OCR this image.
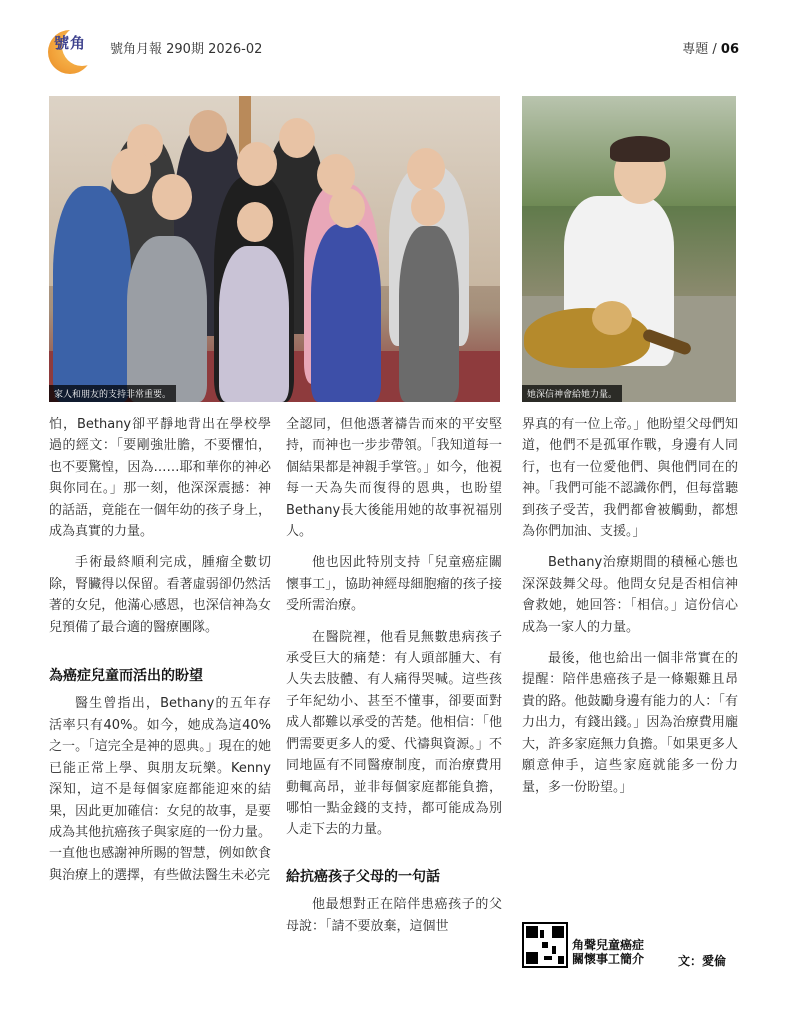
號角 號角月報 290期 2026-02	專題 / 06
家人和朋友的支持非常重要。	她深信神會給她力量。

怕，Bethany卻平靜地背出在學校學過的經文：「要剛強壯膽，不要懼怕，也不要驚惶，因為……耶和華你的神必與你同在。」那一刻，他深深震撼：神的話語，竟能在一個年幼的孩子身上，成為真實的力量。

手術最終順利完成，腫瘤全數切除，腎臟得以保留。看著虛弱卻仍然活著的女兒，他滿心感恩，也深信神為女兒預備了最合適的醫療團隊。

為癌症兒童而活出的盼望

醫生曾指出，Bethany的五年存活率只有40%。如今，她成為這40%之一。「這完全是神的恩典。」現在的她已能正常上學、與朋友玩樂。Kenny深知，這不是每個家庭都能迎來的結果，因此更加確信：女兒的故事，是要成為其他抗癌孩子與家庭的一份力量。一直他也感謝神所賜的智慧，例如飲食與治療上的選擇，有些做法醫生未必完

全認同，但他憑著禱告而來的平安堅持，而神也一步步帶領。「我知道每一個結果都是神親手掌管。」如今，他視每一天為失而復得的恩典，也盼望Bethany長大後能用她的故事祝福別人。

他也因此特別支持「兒童癌症關懷事工」，協助神經母細胞瘤的孩子接受所需治療。

在醫院裡，他看見無數患病孩子承受巨大的痛楚：有人頭部腫大、有人失去肢體、有人痛得哭喊。這些孩子年紀幼小、甚至不懂事，卻要面對成人都難以承受的苦楚。他相信：「他們需要更多人的愛、代禱與資源。」不同地區有不同醫療制度，而治療費用動輒高昂，並非每個家庭都能負擔，哪怕一點金錢的支持，都可能成為別人走下去的力量。

給抗癌孩子父母的一句話

他最想對正在陪伴患癌孩子的父母說：「請不要放棄，這個世

界真的有一位上帝。」他盼望父母們知道，他們不是孤軍作戰，身邊有人同行，也有一位愛他們、與他們同在的神。「我們可能不認識你們，但每當聽到孩子受苦，我們都會被觸動，都想為你們加油、支援。」

Bethany治療期間的積極心態也深深鼓舞父母。他問女兒是否相信神會救她，她回答：「相信。」這份信心成為一家人的力量。

最後，他也給出一個非常實在的提醒：陪伴患癌孩子是一條艱難且昂貴的路。他鼓勵身邊有能力的人：「有力出力，有錢出錢。」因為治療費用龐大，許多家庭無力負擔。「如果更多人願意伸手，這些家庭就能多一份力量，多一份盼望。」

角聲兒童癌症
關懷事工簡介	文：愛倫
